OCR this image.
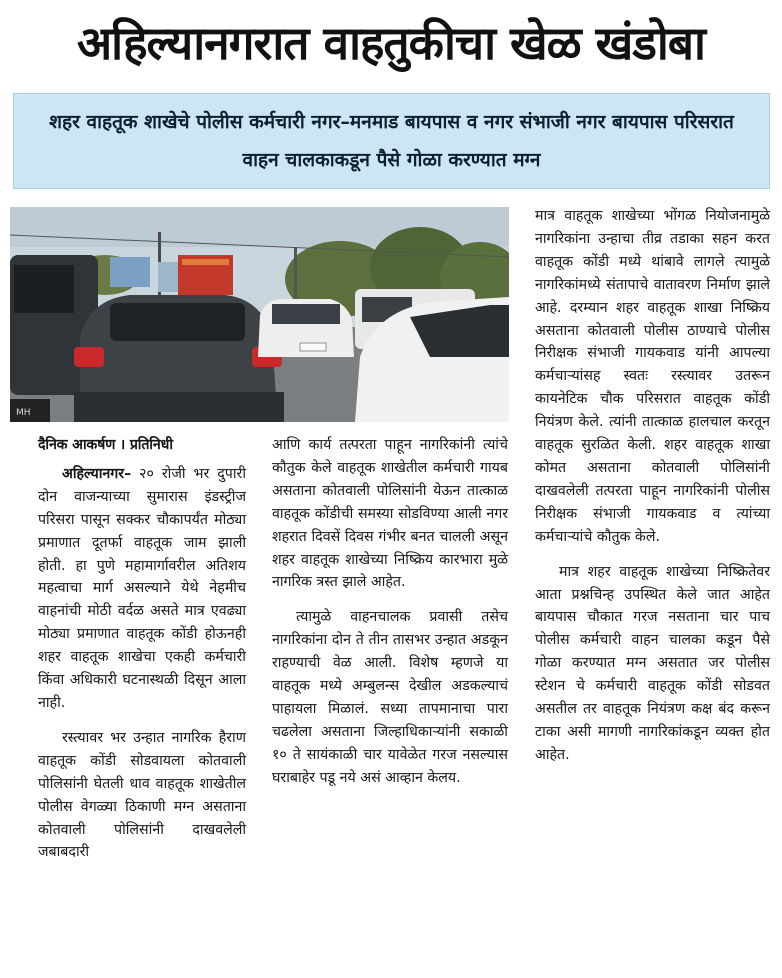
अहिल्यानगरात वाहतुकीचा खेळ खंडोबा
शहर वाहतूक शाखेचे पोलीस कर्मचारी नगर–मनमाड बायपास व नगर संभाजी नगर बायपास परिसरात वाहन चालकाकडून पैसे गोळा करण्यात मग्न
MH
दैनिक आकर्षण । प्रतिनिधी

अहिल्यानगर– २० रोजी भर दुपारी दोन वाजन्याच्या सुमारास इंडस्ट्रीज परिसरा पासून सक्कर चौकापर्यंत मोठ्या प्रमाणात दूतर्फा वाहतूक जाम झाली होती. हा पुणे महामार्गावरील अतिशय महत्वाचा मार्ग असल्याने येथे नेहमीच वाहनांची मोठी वर्दळ असते मात्र एवढ्या मोठ्या प्रमाणात वाहतूक कोंडी होऊनही शहर वाहतूक शाखेचा एकही कर्मचारी किंवा अधिकारी घटनास्थळी दिसून आला नाही.

रस्त्यावर भर उन्हात नागरिक हैराण वाहतूक कोंडी सोडवायला कोतवाली पोलिसांनी घेतली धाव वाहतूक शाखेतील पोलीस वेगळ्या ठिकाणी मग्न असताना कोतवाली पोलिसांनी दाखवलेली जबाबदारी

आणि कार्य तत्परता पाहून नागरिकांनी त्यांचे कौतुक केले वाहतूक शाखेतील कर्मचारी गायब असताना कोतवाली पोलिसांनी येऊन तात्काळ वाहतूक कोंडीची समस्या सोडविण्या आली नगर शहरात दिवसें दिवस गंभीर बनत चालली असून शहर वाहतूक शाखेच्या निष्क्रिय कारभारा मुळे नागरिक त्रस्त झाले आहेत.

त्यामुळे वाहनचालक प्रवासी तसेच नागरिकांना दोन ते तीन तासभर उन्हात अडकून राहण्याची वेळ आली. विशेष म्हणजे या वाहतूक मध्ये अम्बुलन्स देखील अडकल्याचं पाहायला मिळालं. सध्या तापमानाचा पारा चढलेला असताना जिल्हाधिकाऱ्यांनी सकाळी १० ते सायंकाळी चार यावेळेत गरज नसल्यास घराबाहेर पडू नये असं आव्हान केलय.

मात्र वाहतूक शाखेच्या भोंगळ नियोजनामुळे नागरिकांना उन्हाचा तीव्र तडाका सहन करत वाहतूक कोंडी मध्ये थांबावे लागले त्यामुळे नागरिकांमध्ये संतापाचे वातावरण निर्माण झाले आहे. दरम्यान शहर वाहतूक शाखा निष्क्रिय असताना कोतवाली पोलीस ठाण्याचे पोलीस निरीक्षक संभाजी गायकवाड यांनी आपल्या कर्मचाऱ्यांसह स्वतः रस्त्यावर उतरून कायनेटिक चौक परिसरात वाहतूक कोंडी नियंत्रण केले. त्यांनी तात्काळ हालचाल करतून वाहतूक सुरळित केली. शहर वाहतूक शाखा कोमत असताना कोतवाली पोलिसांनी दाखवलेली तत्परता पाहून नागरिकांनी पोलीस निरीक्षक संभाजी गायकवाड व त्यांच्या कर्मचाऱ्यांचे कौतुक केले.

मात्र शहर वाहतूक शाखेच्या निष्क्रितेवर आता प्रश्नचिन्ह उपस्थित केले जात आहेत बायपास चौकात गरज नसताना चार पाच पोलीस कर्मचारी वाहन चालका कडून पैसे गोळा करण्यात मग्न असतात जर पोलीस स्टेशन चे कर्मचारी वाहतूक कोंडी सोडवत असतील तर वाहतूक नियंत्रण कक्ष बंद करून टाका असी मागणी नागरिकांकडून व्यक्त होत आहेत.
